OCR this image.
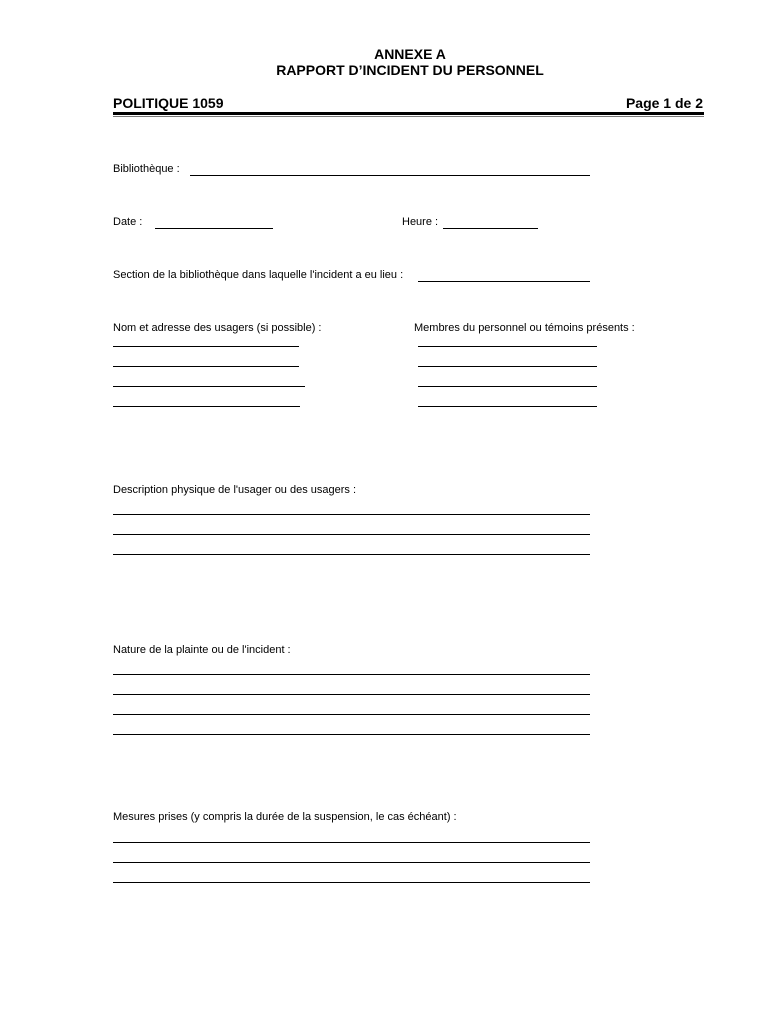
ANNEXE A
RAPPORT D’INCIDENT DU PERSONNEL
POLITIQUE 1059	Page 1 de 2
Bibliothèque :
Date :	Heure :
Section de la bibliothèque dans laquelle l'incident a eu lieu :
Nom et adresse des usagers (si possible) :	Membres du personnel ou témoins présents :
Description physique de l'usager ou des usagers :
Nature de la plainte ou de l'incident :
Mesures prises (y compris la durée de la suspension, le cas échéant) :
